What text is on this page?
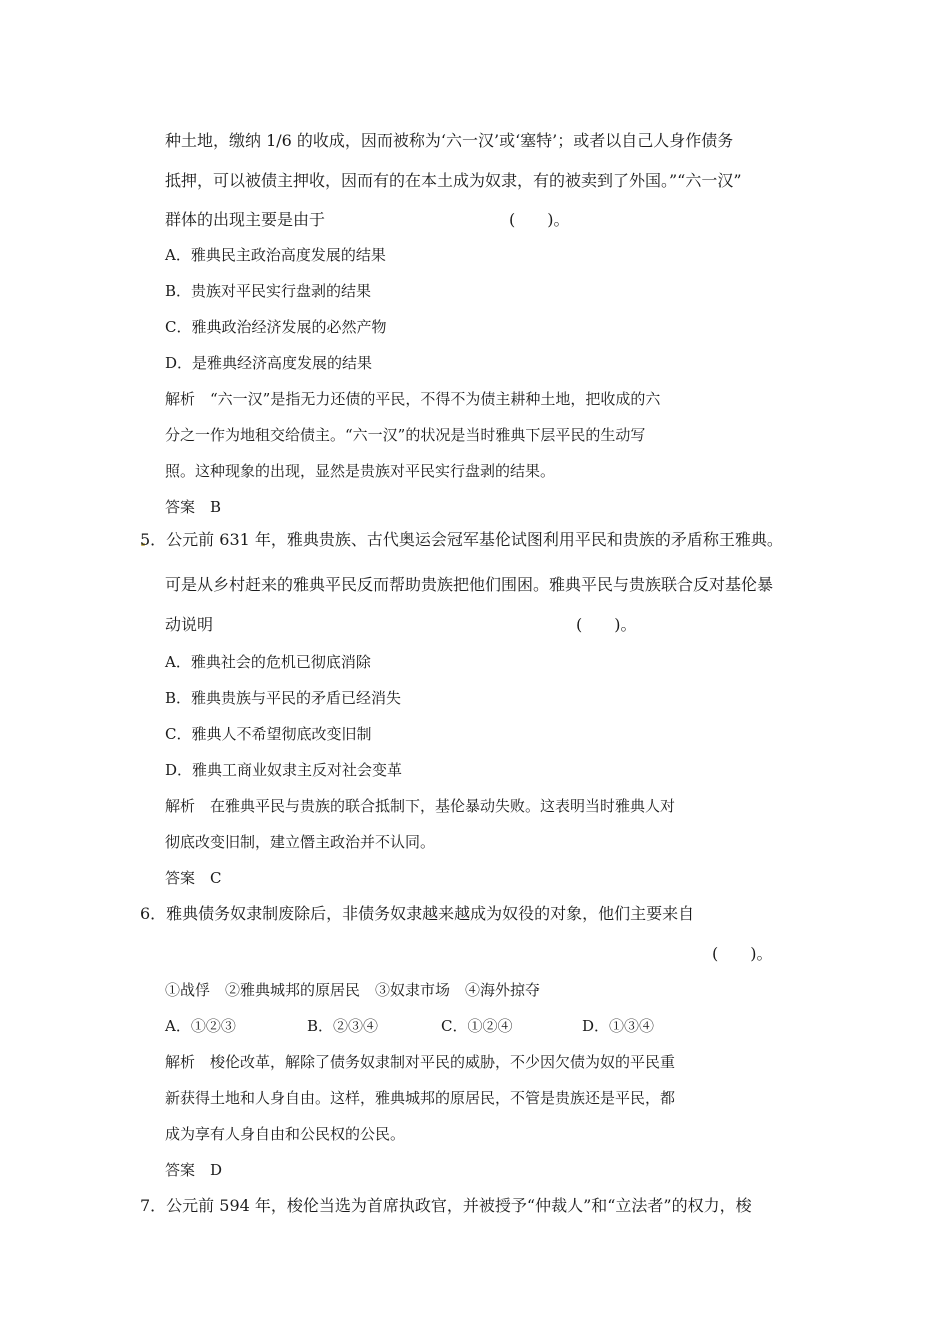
种土地，缴纳 1/6 的收成，因而被称为‘六一汉’或‘塞特’；或者以自己人身作债务
抵押，可以被债主押收，因而有的在本土成为奴隶，有的被卖到了外国。”“六一汉”
群体的出现主要是由于	(　　)。
A．雅典民主政治高度发展的结果
B．贵族对平民实行盘剥的结果
C．雅典政治经济发展的必然产物
D．是雅典经济高度发展的结果
解析　“六一汉”是指无力还债的平民，不得不为债主耕种土地，把收成的六
分之一作为地租交给债主。“六一汉”的状况是当时雅典下层平民的生动写
照。这种现象的出现，显然是贵族对平民实行盘剥的结果。
答案　B
5．公元前 631 年，雅典贵族、古代奥运会冠军基伦试图利用平民和贵族的矛盾称王雅典。
可是从乡村赶来的雅典平民反而帮助贵族把他们围困。雅典平民与贵族联合反对基伦暴
动说明	(　　)。
A．雅典社会的危机已彻底消除
B．雅典贵族与平民的矛盾已经消失
C．雅典人不希望彻底改变旧制
D．雅典工商业奴隶主反对社会变革
解析　在雅典平民与贵族的联合抵制下，基伦暴动失败。这表明当时雅典人对
彻底改变旧制，建立僭主政治并不认同。
答案　C
6．雅典债务奴隶制废除后，非债务奴隶越来越成为奴役的对象，他们主要来自
(　　)。
①战俘　②雅典城邦的原居民　③奴隶市场　④海外掠夺
A．①②③	B．②③④	C．①②④	D．①③④
解析　梭伦改革，解除了债务奴隶制对平民的威胁，不少因欠债为奴的平民重
新获得土地和人身自由。这样，雅典城邦的原居民，不管是贵族还是平民，都
成为享有人身自由和公民权的公民。
答案　D
7．公元前 594 年，梭伦当选为首席执政官，并被授予“仲裁人”和“立法者”的权力，梭
